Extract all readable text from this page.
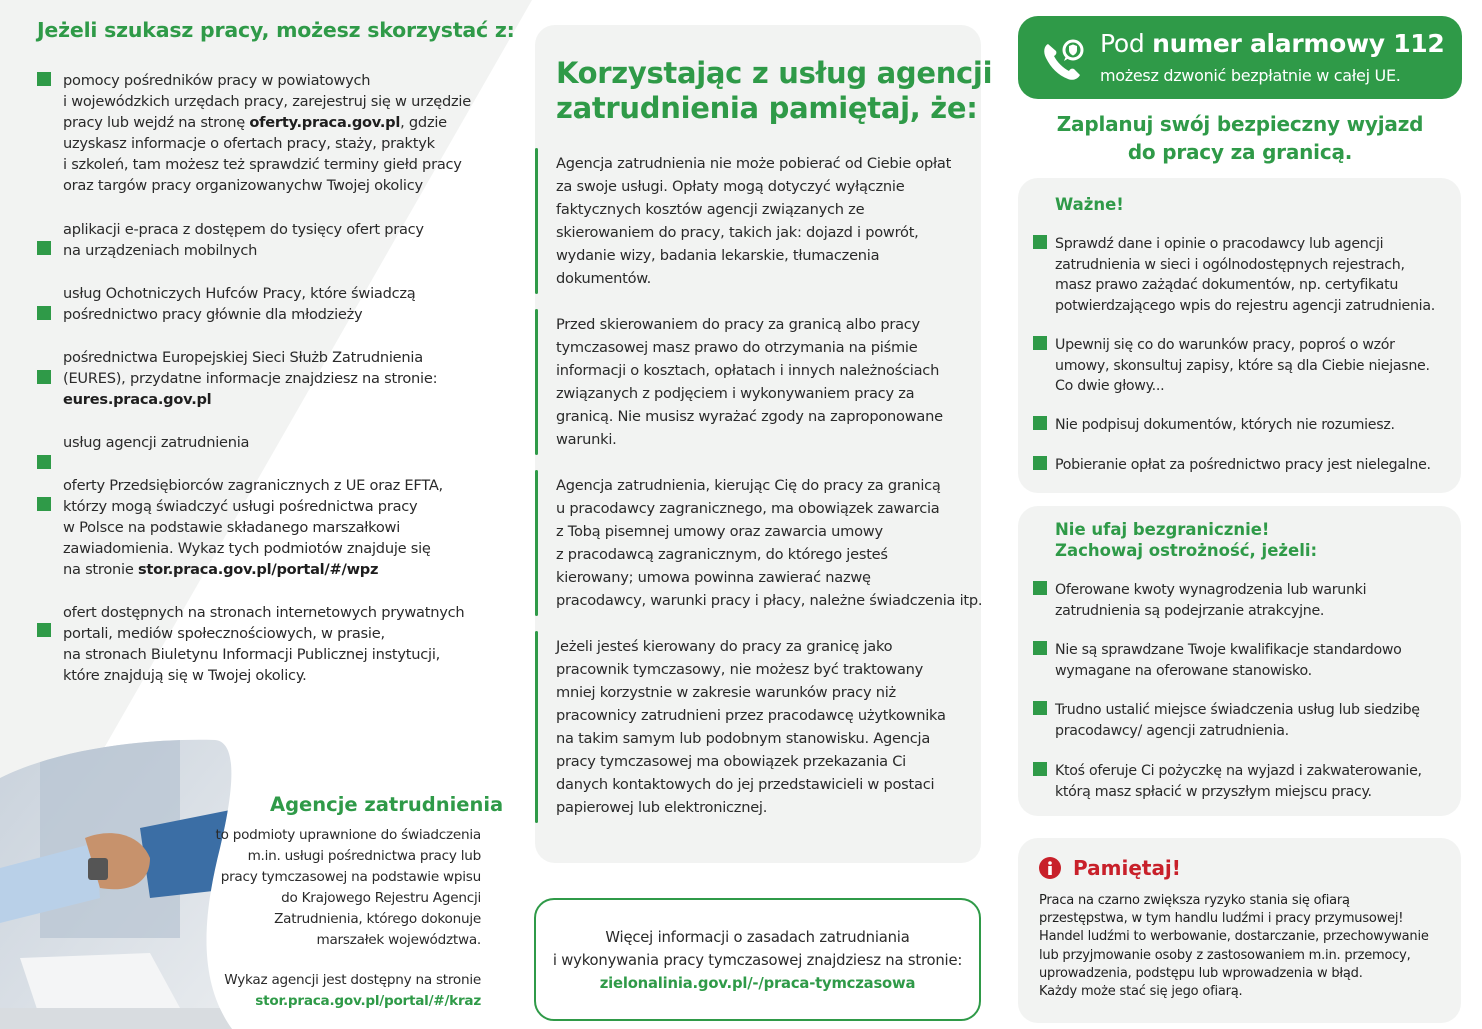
Jeżeli szukasz pracy, możesz skorzystać z:
pomocy pośredników pracy w powiatowych
i wojewódzkich urzędach pracy, zarejestruj się w urzędzie
pracy lub wejdź na stronę oferty.praca.gov.pl, gdzie
uzyskasz informacje o ofertach pracy, staży, praktyk
i szkoleń, tam możesz też sprawdzić terminy giełd pracy
oraz targów pracy organizowanychw Twojej okolicy
aplikacji e-praca z dostępem do tysięcy ofert pracy
na urządzeniach mobilnych
usług Ochotniczych Hufców Pracy, które świadczą
pośrednictwo pracy głównie dla młodzieży
pośrednictwa Europejskiej Sieci Służb Zatrudnienia
(EURES), przydatne informacje znajdziesz na stronie:
eures.praca.gov.pl
usług agencji zatrudnienia
oferty Przedsiębiorców zagranicznych z UE oraz EFTA,
którzy mogą świadczyć usługi pośrednictwa pracy
w Polsce na podstawie składanego marszałkowi
zawiadomienia. Wykaz tych podmiotów znajduje się
na stronie stor.praca.gov.pl/portal/#/wpz
ofert dostępnych na stronach internetowych prywatnych
portali, mediów społecznościowych, w prasie,
na stronach Biuletynu Informacji Publicznej instytucji,
które znajdują się w Twojej okolicy.
Agencje zatrudnienia
to podmioty uprawnione do świadczenia
m.in. usługi pośrednictwa pracy lub
pracy tymczasowej na podstawie wpisu
do Krajowego Rejestru Agencji
Zatrudnienia, którego dokonuje
marszałek województwa.
Wykaz agencji jest dostępny na stronie
stor.praca.gov.pl/portal/#/kraz
Korzystając z usług agencji
zatrudnienia pamiętaj, że:
Agencja zatrudnienia nie może pobierać od Ciebie opłat
za swoje usługi. Opłaty mogą dotyczyć wyłącznie
faktycznych kosztów agencji związanych ze
skierowaniem do pracy, takich jak: dojazd i powrót,
wydanie wizy, badania lekarskie, tłumaczenia
dokumentów.
Przed skierowaniem do pracy za granicą albo pracy
tymczasowej masz prawo do otrzymania na piśmie
informacji o kosztach, opłatach i innych należnościach
związanych z podjęciem i wykonywaniem pracy za
granicą. Nie musisz wyrażać zgody na zaproponowane
warunki.
Agencja zatrudnienia, kierując Cię do pracy za granicą
u pracodawcy zagranicznego, ma obowiązek zawarcia
z Tobą pisemnej umowy oraz zawarcia umowy
z pracodawcą zagranicznym, do którego jesteś
kierowany; umowa powinna zawierać nazwę
pracodawcy, warunki pracy i płacy, należne świadczenia itp.
Jeżeli jesteś kierowany do pracy za granicę jako
pracownik tymczasowy, nie możesz być traktowany
mniej korzystnie w zakresie warunków pracy niż
pracownicy zatrudnieni przez pracodawcę użytkownika
na takim samym lub podobnym stanowisku. Agencja
pracy tymczasowej ma obowiązek przekazania Ci
danych kontaktowych do jej przedstawicieli w postaci
papierowej lub elektronicznej.
Więcej informacji o zasadach zatrudniania
i wykonywania pracy tymczasowej znajdziesz na stronie:
zielonalinia.gov.pl/-/praca-tymczasowa
Pod numer alarmowy 112
możesz dzwonić bezpłatnie w całej UE.
Zaplanuj swój bezpieczny wyjazd
do pracy za granicą.
Ważne!
Sprawdź dane i opinie o pracodawcy lub agencji
zatrudnienia w sieci i ogólnodostępnych rejestrach,
masz prawo zażądać dokumentów, np. certyfikatu
potwierdzającego wpis do rejestru agencji zatrudnienia.
Upewnij się co do warunków pracy, poproś o wzór
umowy, skonsultuj zapisy, które są dla Ciebie niejasne.
Co dwie głowy...
Nie podpisuj dokumentów, których nie rozumiesz.
Pobieranie opłat za pośrednictwo pracy jest nielegalne.
Nie ufaj bezgranicznie!
Zachowaj ostrożność, jeżeli:
Oferowane kwoty wynagrodzenia lub warunki
zatrudnienia są podejrzanie atrakcyjne.
Nie są sprawdzane Twoje kwalifikacje standardowo
wymagane na oferowane stanowisko.
Trudno ustalić miejsce świadczenia usług lub siedzibę
pracodawcy/ agencji zatrudnienia.
Ktoś oferuje Ci pożyczkę na wyjazd i zakwaterowanie,
którą masz spłacić w przyszłym miejscu pracy.
Pamiętaj!
Praca na czarno zwiększa ryzyko stania się ofiarą
przestępstwa, w tym handlu ludźmi i pracy przymusowej!
Handel ludźmi to werbowanie, dostarczanie, przechowywanie
lub przyjmowanie osoby z zastosowaniem m.in. przemocy,
uprowadzenia, podstępu lub wprowadzenia w błąd.
Każdy może stać się jego ofiarą.
